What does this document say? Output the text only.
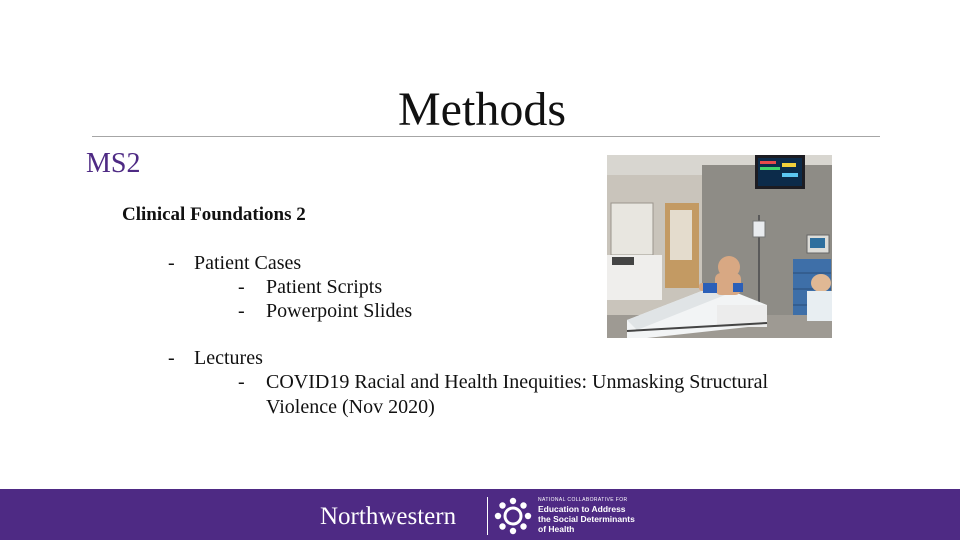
Methods
MS2
Clinical Foundations 2
- Patient Cases
- Patient Scripts
- Powerpoint Slides
- Lectures
- COVID19 Racial and Health Inequities: Unmasking Structural
Violence (Nov 2020)
Northwestern
NATIONAL COLLABORATIVE FOR
Education to Address
the Social Determinants
of Health
